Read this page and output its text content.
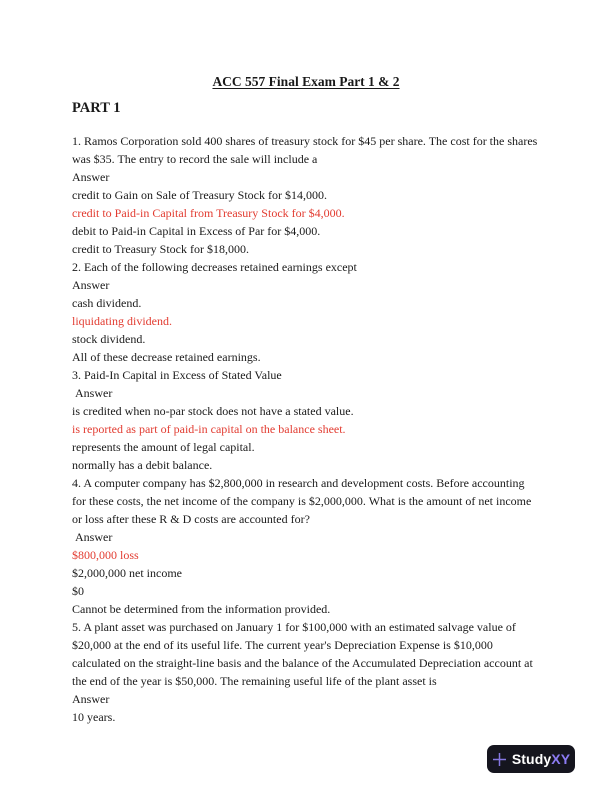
ACC 557 Final Exam Part 1 & 2
PART 1

1. Ramos Corporation sold 400 shares of treasury stock for $45 per share. The cost for the shares was $35. The entry to record the sale will include a

Answer

credit to Gain on Sale of Treasury Stock for $14,000.

credit to Paid-in Capital from Treasury Stock for $4,000.

debit to Paid-in Capital in Excess of Par for $4,000.

credit to Treasury Stock for $18,000.

2. Each of the following decreases retained earnings except

Answer

cash dividend.

liquidating dividend.

stock dividend.

All of these decrease retained earnings.

3. Paid-In Capital in Excess of Stated Value

Answer

is credited when no-par stock does not have a stated value.

is reported as part of paid-in capital on the balance sheet.

represents the amount of legal capital.

normally has a debit balance.

4. A computer company has $2,800,000 in research and development costs. Before accounting for these costs, the net income of the company is $2,000,000. What is the amount of net income or loss after these R & D costs are accounted for?

Answer

$800,000 loss

$2,000,000 net income

$0

Cannot be determined from the information provided.

5. A plant asset was purchased on January 1 for $100,000 with an estimated salvage value of $20,000 at the end of its useful life. The current year's Depreciation Expense is $10,000 calculated on the straight-line basis and the balance of the Accumulated Depreciation account at the end of the year is $50,000. The remaining useful life of the plant asset is

Answer

10 years.

StudyXY
